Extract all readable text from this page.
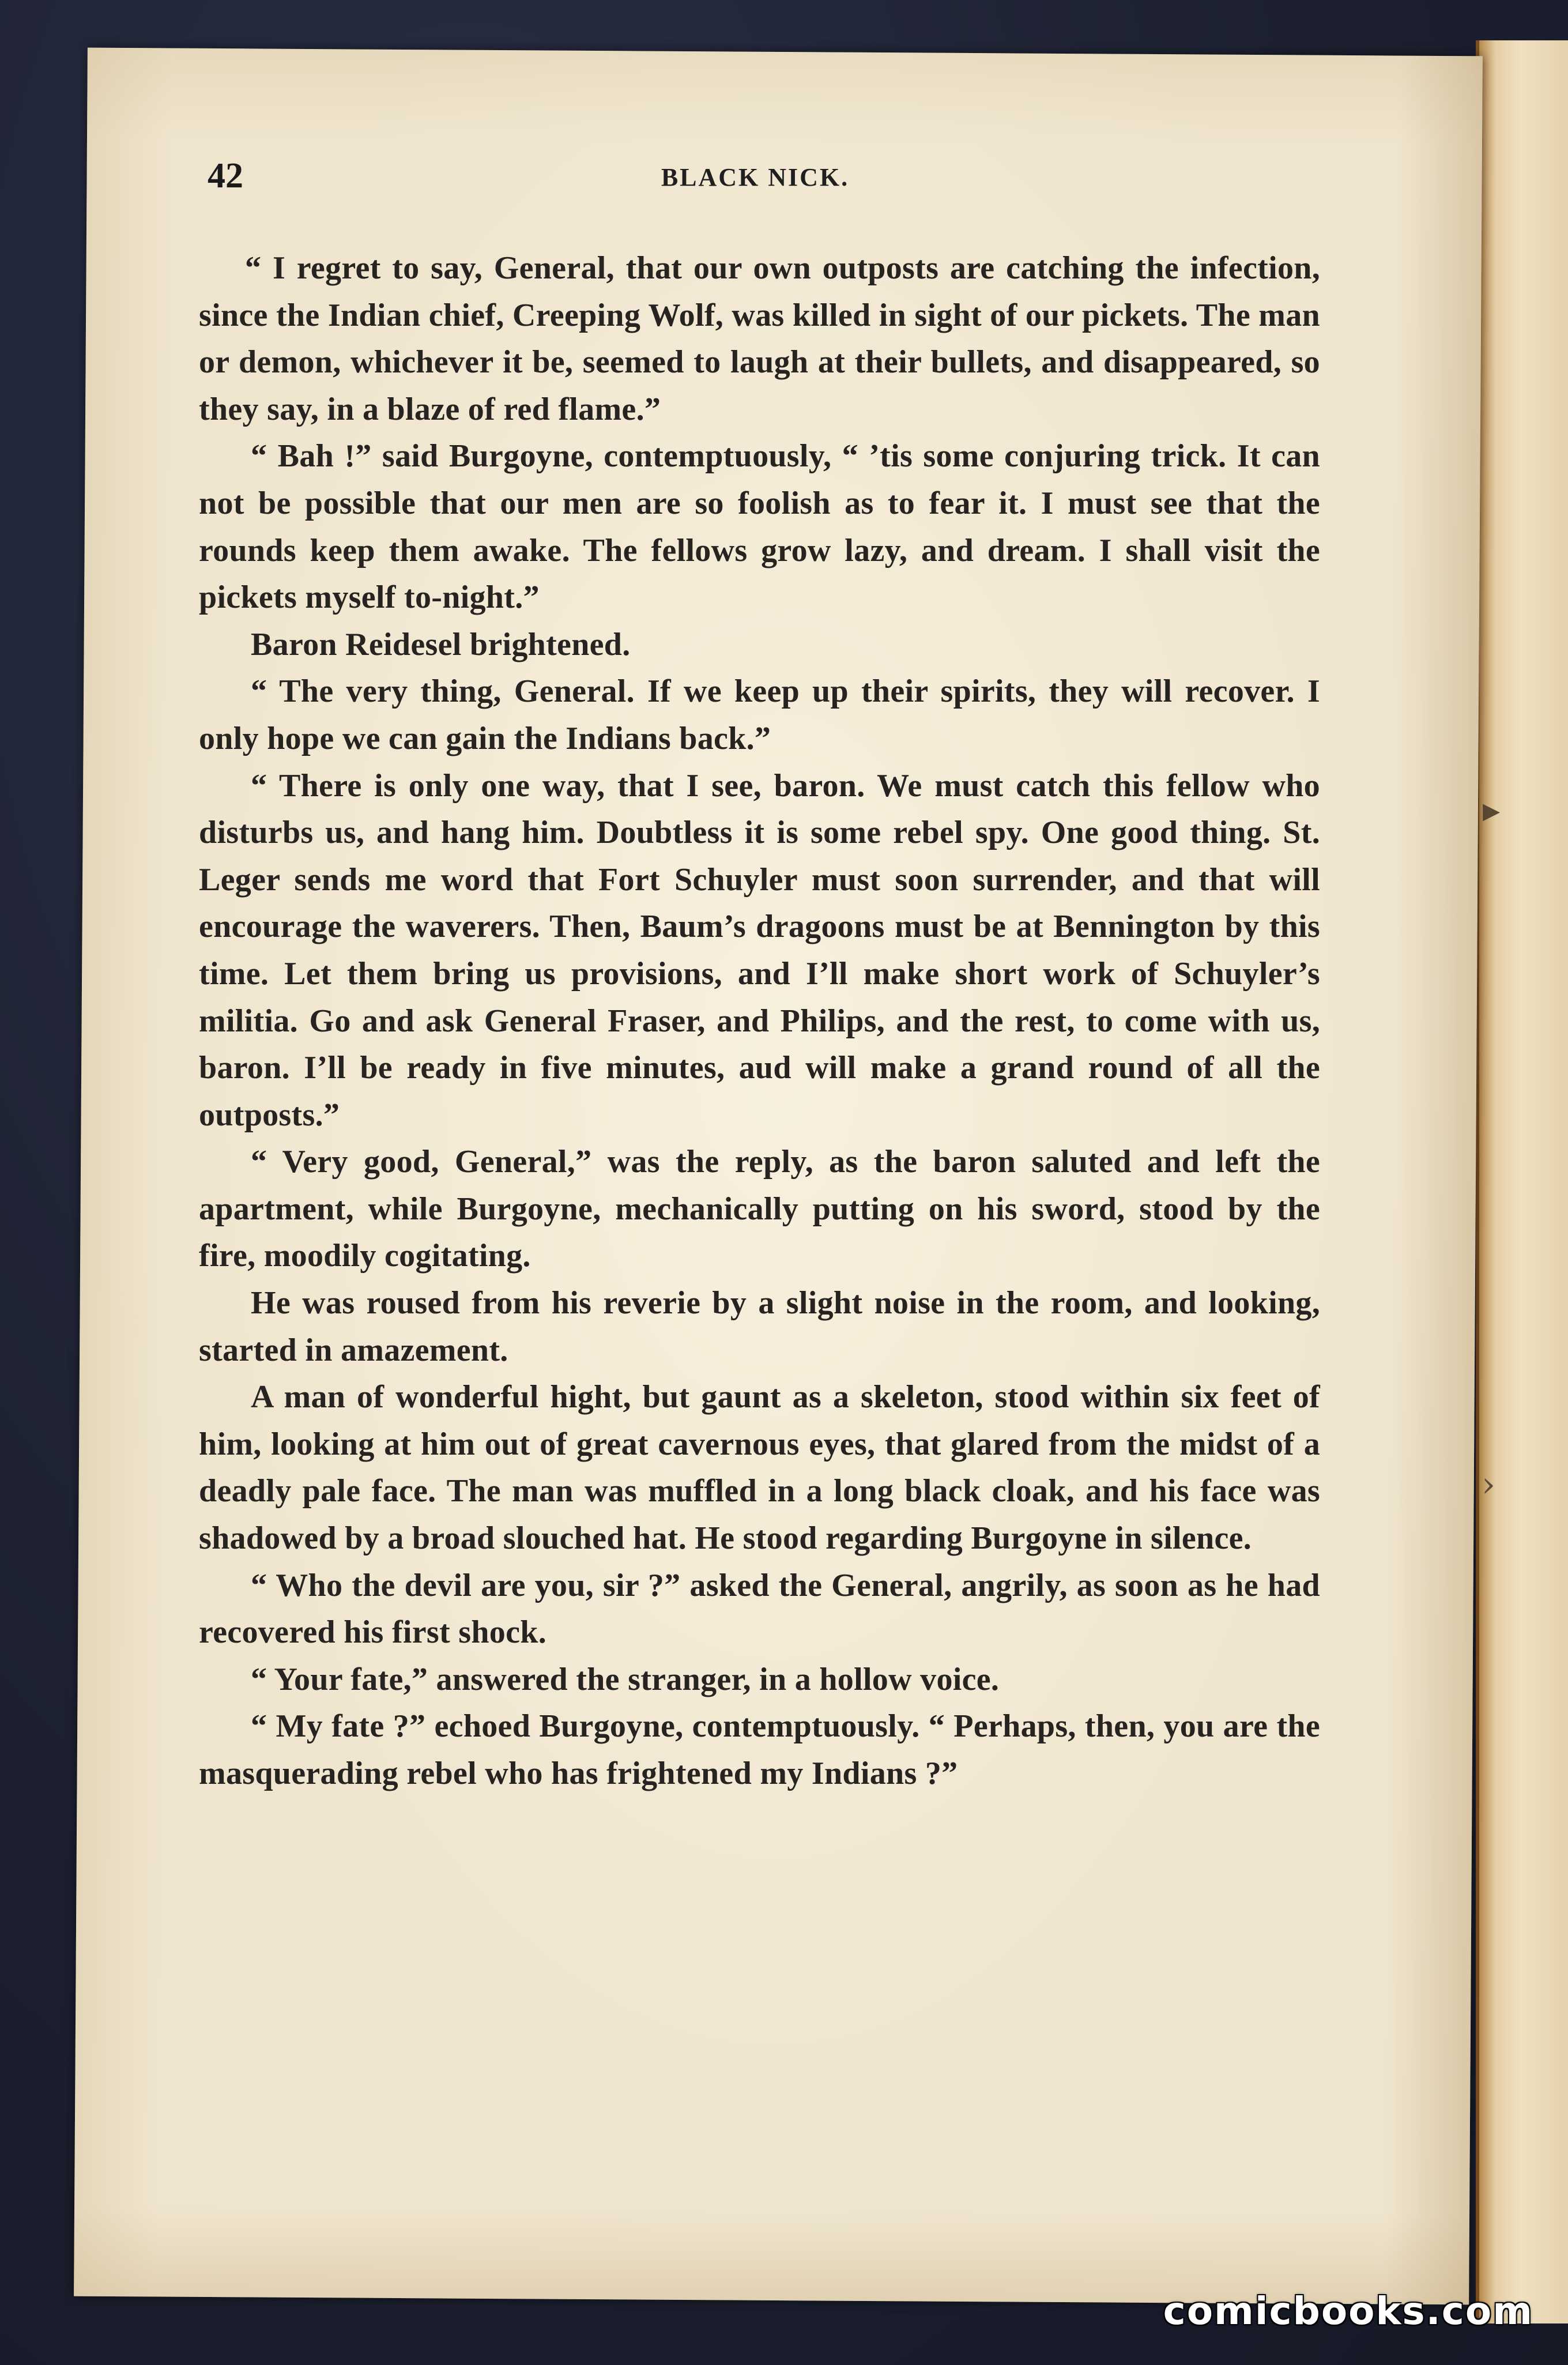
▸
›
42	BLACK NICK.

“ I regret to say, General, that our own outposts are catching the infection, since the Indian chief, Creeping Wolf, was killed in sight of our pickets. The man or demon, whichever it be, seemed to laugh at their bullets, and disappeared, so they say, in a blaze of red flame.”

“ Bah !” said Burgoyne, contemptuously, “ ’tis some conjuring trick. It can not be possible that our men are so foolish as to fear it. I must see that the rounds keep them awake. The fellows grow lazy, and dream. I shall visit the pickets myself to-night.”

Baron Reidesel brightened.

“ The very thing, General. If we keep up their spirits, they will recover. I only hope we can gain the Indians back.”

“ There is only one way, that I see, baron. We must catch this fellow who disturbs us, and hang him. Doubtless it is some rebel spy. One good thing. St. Leger sends me word that Fort Schuyler must soon surrender, and that will encourage the waverers. Then, Baum’s dragoons must be at Bennington by this time. Let them bring us provisions, and I’ll make short work of Schuyler’s militia. Go and ask General Fraser, and Philips, and the rest, to come with us, baron. I’ll be ready in five minutes, aud will make a grand round of all the outposts.”

“ Very good, General,” was the reply, as the baron saluted and left the apartment, while Burgoyne, mechanically putting on his sword, stood by the fire, moodily cogitating.

He was roused from his reverie by a slight noise in the room, and looking, started in amazement.

A man of wonderful hight, but gaunt as a skeleton, stood within six feet of him, looking at him out of great cavernous eyes, that glared from the midst of a deadly pale face. The man was muffled in a long black cloak, and his face was shadowed by a broad slouched hat. He stood regarding Burgoyne in silence.

“ Who the devil are you, sir ?” asked the General, angrily, as soon as he had recovered his first shock.

“ Your fate,” answered the stranger, in a hollow voice.

“ My fate ?” echoed Burgoyne, contemptuously. “ Perhaps, then, you are the masquerading rebel who has frightened my Indians ?”

comicbooks.com
